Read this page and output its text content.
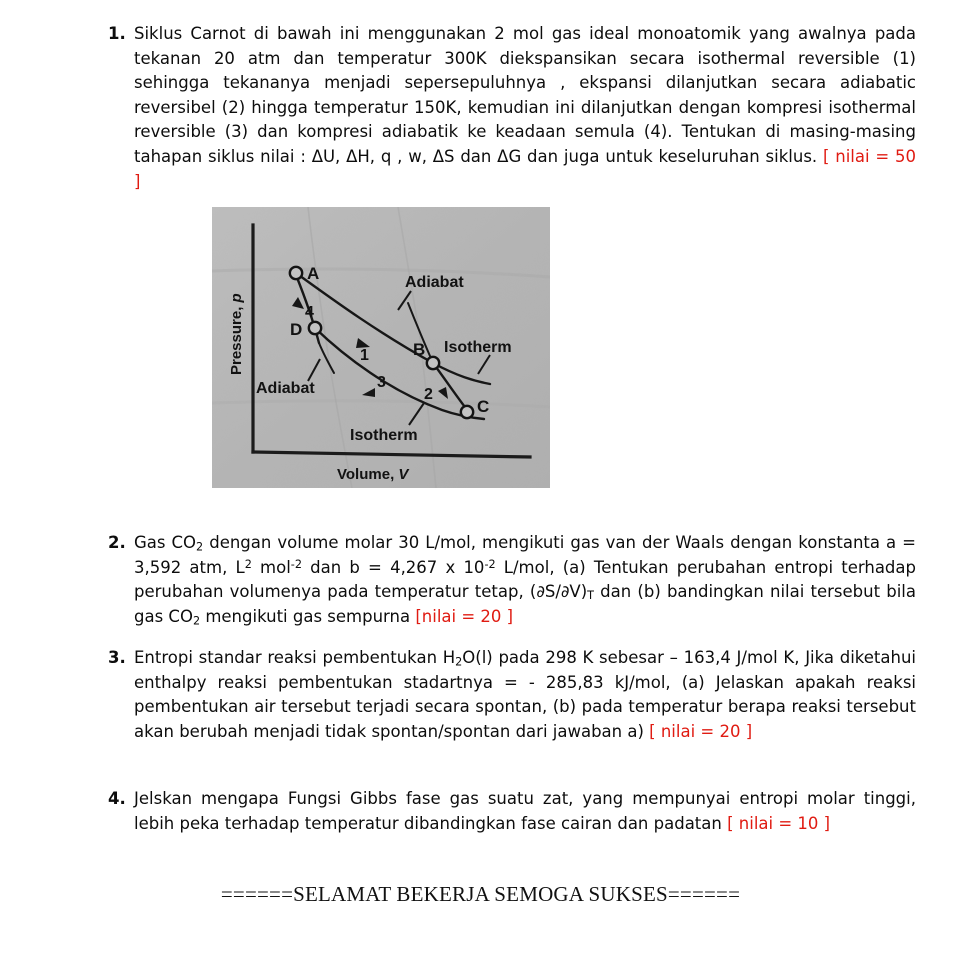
1. Siklus Carnot di bawah ini menggunakan 2 mol gas ideal monoatomik yang awalnya pada tekanan 20 atm dan temperatur 300K diekspansikan secara isothermal reversible (1) sehingga tekananya menjadi sepersepuluhnya , ekspansi dilanjutkan secara adiabatic reversibel (2) hingga temperatur 150K, kemudian ini dilanjutkan dengan kompresi isothermal reversible (3) dan kompresi adiabatik ke keadaan semula (4). Tentukan di masing-masing tahapan siklus nilai : ΔU, ΔH, q , w, ΔS dan ΔG dan juga untuk keseluruhan siklus. [ nilai = 50 ]
A
D
B
C
1
2
3
4
Adiabat
Isotherm
Adiabat
Isotherm
Pressure, p
Volume, V
2. Gas $CO_2$ dengan volume molar 30 L/mol, mengikuti gas van der Waals dengan konstanta a = 3,592 atm, $L^2$ mol$^{-2}$ dan b = 4,267 x $10^{-2}$ L/mol, (a) Tentukan perubahan entropi terhadap perubahan volumenya pada temperatur tetap, (∂S/∂V)T dan (b) bandingkan nilai tersebut bila gas $CO_2$ mengikuti gas sempurna [nilai = 20 ]
3. Entropi standar reaksi pembentukan $H_2O(l)$ pada 298 K sebesar – 163,4 J/mol K, Jika diketahui enthalpy reaksi pembentukan stadartnya = - 285,83 kJ/mol, (a) Jelaskan apakah reaksi pembentukan air tersebut terjadi secara spontan, (b) pada temperatur berapa reaksi tersebut akan berubah menjadi tidak spontan/spontan dari jawaban a) [ nilai = 20 ]
4. Jelskan mengapa Fungsi Gibbs fase gas suatu zat, yang mempunyai entropi molar tinggi, lebih peka terhadap temperatur dibandingkan fase cairan dan padatan [ nilai = 10 ]
======SELAMAT BEKERJA SEMOGA SUKSES======
